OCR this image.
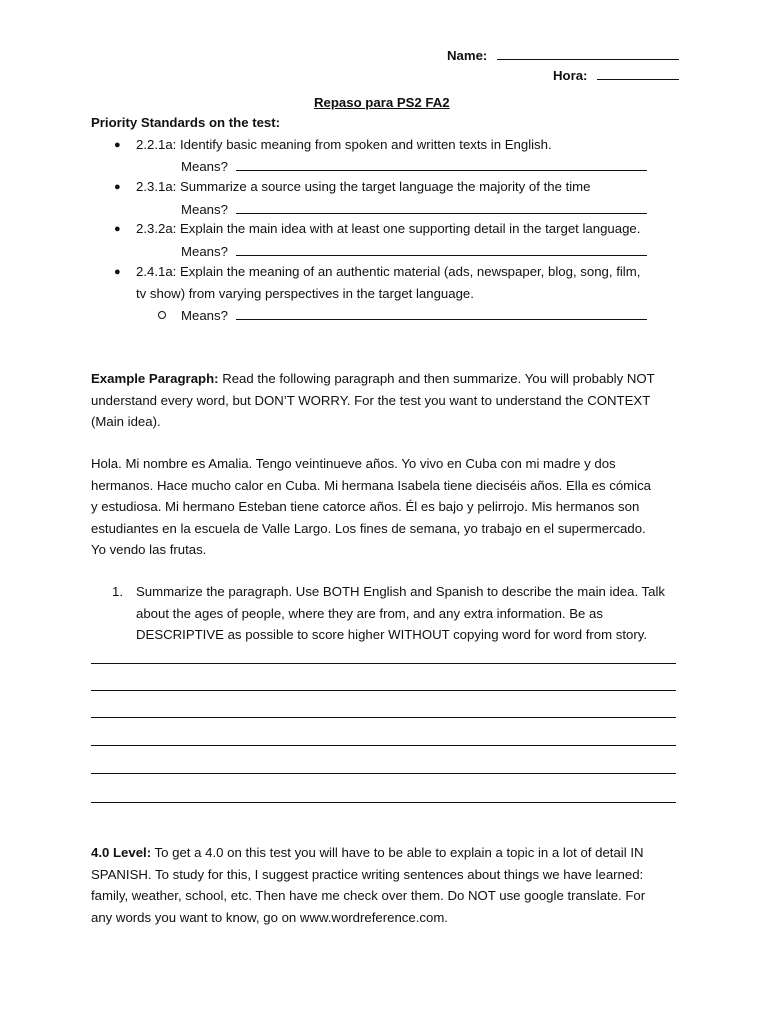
Name:
Hora:
Repaso para PS2 FA2
Priority Standards on the test:
● 2.2.1a: Identify basic meaning from spoken and written texts in English.
Means?
● 2.3.1a: Summarize a source using the target language the majority of the time
Means?
● 2.3.2a: Explain the main idea with at least one supporting detail in the target language.
Means?
● 2.4.1a: Explain the meaning of an authentic material (ads, newspaper, blog, song, film,
tv show) from varying perspectives in the target language.
Means?
Example Paragraph: Read the following paragraph and then summarize. You will probably NOT
understand every word, but DON’T WORRY. For the test you want to understand the CONTEXT
(Main idea).
Hola. Mi nombre es Amalia. Tengo veintinueve años. Yo vivo en Cuba con mi madre y dos
hermanos. Hace mucho calor en Cuba. Mi hermana Isabela tiene dieciséis años. Ella es cómica
y estudiosa. Mi hermano Esteban tiene catorce años. Él es bajo y pelirrojo. Mis hermanos son
estudiantes en la escuela de Valle Largo. Los fines de semana, yo trabajo en el supermercado.
Yo vendo las frutas.
1. Summarize the paragraph. Use BOTH English and Spanish to describe the main idea. Talk
about the ages of people, where they are from, and any extra information. Be as
DESCRIPTIVE as possible to score higher WITHOUT copying word for word from story.
4.0 Level: To get a 4.0 on this test you will have to be able to explain a topic in a lot of detail IN
SPANISH. To study for this, I suggest practice writing sentences about things we have learned:
family, weather, school, etc. Then have me check over them. Do NOT use google translate. For
any words you want to know, go on www.wordreference.com.
